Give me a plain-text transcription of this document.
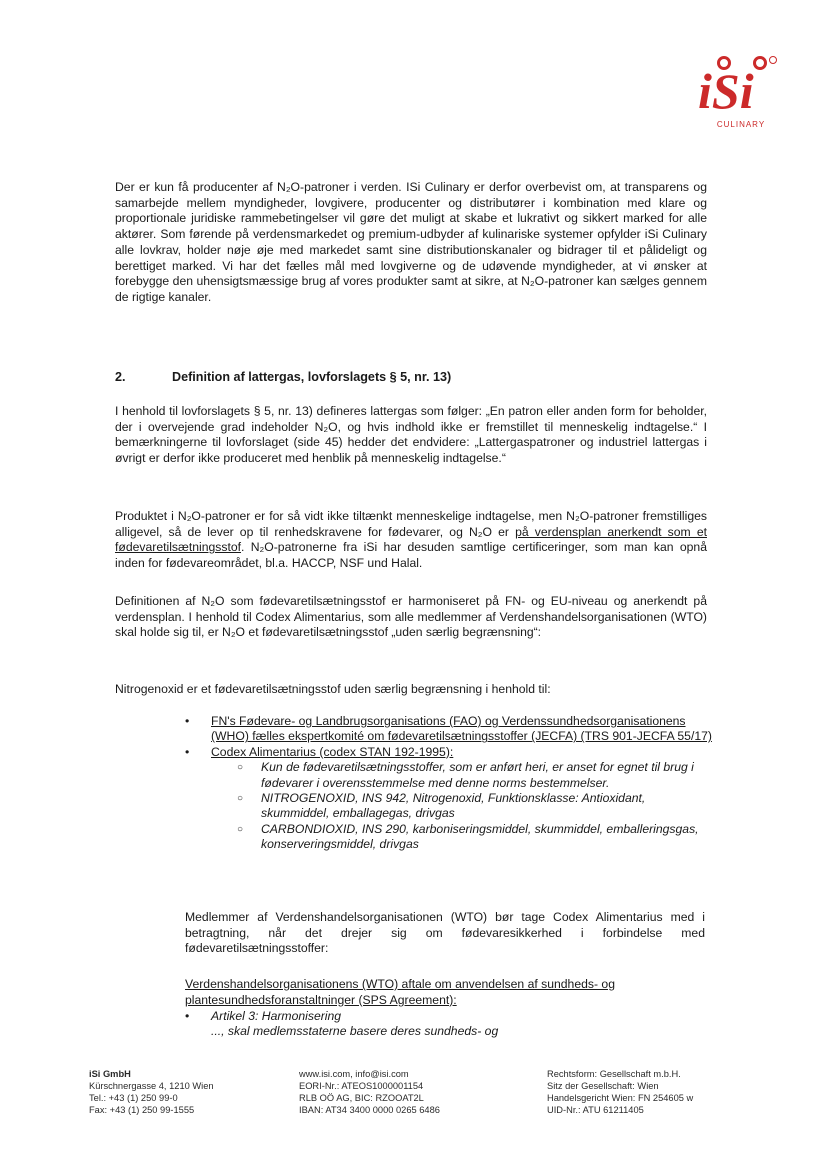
iSi
CULINARY

Der er kun få producenter af N₂O-patroner i verden. ISi Culinary er derfor overbevist om, at transparens og samarbejde mellem myndigheder, lovgivere, producenter og distributører i kombination med klare og proportionale juridiske rammebetingelser vil gøre det muligt at skabe et lukrativt og sikkert marked for alle aktører. Som førende på verdensmarkedet og premium-udbyder af kulinariske systemer opfylder iSi Culinary alle lovkrav, holder nøje øje med markedet samt sine distributionskanaler og bidrager til et pålideligt og berettiget marked. Vi har det fælles mål med lovgiverne og de udøvende myndigheder, at vi ønsker at forebygge den uhensigtsmæssige brug af vores produkter samt at sikre, at N₂O-patroner kan sælges gennem de rigtige kanaler.

2.	Definition af lattergas, lovforslagets § 5, nr. 13)

I henhold til lovforslagets § 5, nr. 13) defineres lattergas som følger: „En patron eller anden form for beholder, der i overvejende grad indeholder N₂O, og hvis indhold ikke er fremstillet til menneskelig indtagelse.“ I bemærkningerne til lovforslaget (side 45) hedder det endvidere: „Lattergaspatroner og industriel lattergas i øvrigt er derfor ikke produceret med henblik på menneskelig indtagelse.“

Produktet i N₂O-patroner er for så vidt ikke tiltænkt menneskelige indtagelse, men N₂O-patroner fremstilliges alligevel, så de lever op til renhedskravene for fødevarer, og N₂O er på verdensplan anerkendt som et fødevaretilsætningsstof. N₂O-patronerne fra iSi har desuden samtlige certificeringer, som man kan opnå inden for fødevareområdet, bl.a. HACCP, NSF und Halal.

Definitionen af N₂O som fødevaretilsætningsstof er harmoniseret på FN- og EU-niveau og anerkendt på verdensplan. I henhold til Codex Alimentarius, som alle medlemmer af Verdenshandelsorganisationen (WTO) skal holde sig til, er N₂O et fødevaretilsætningsstof „uden særlig begrænsning“:

Nitrogenoxid er et fødevaretilsætningsstof uden særlig begrænsning i henhold til:

• FN's Fødevare- og Landbrugsorganisations (FAO) og Verdenssundhedsorganisationens (WHO) fælles ekspertkomité om fødevaretilsætningsstoffer (JECFA) (TRS 901-JECFA 55/17)
• Codex Alimentarius (codex STAN 192-1995):
○ Kun de fødevaretilsætningsstoffer, som er anført heri, er anset for egnet til brug i fødevarer i overensstemmelse med denne norms bestemmelser.
○ NITROGENOXID, INS 942, Nitrogenoxid, Funktionsklasse: Antioxidant, skummiddel, emballagegas, drivgas
○ CARBONDIOXID, INS 290, karboniseringsmiddel, skummiddel, emballeringsgas, konserveringsmiddel, drivgas

Medlemmer af Verdenshandelsorganisationen (WTO) bør tage Codex Alimentarius med i betragtning, når det drejer sig om fødevaresikkerhed i forbindelse med fødevaretilsætningsstoffer:

Verdenshandelsorganisationens (WTO) aftale om anvendelsen af sundheds- og plantesundhedsforanstaltninger (SPS Agreement):

• Artikel 3: Harmonisering
..., skal medlemsstaterne basere deres sundheds- og
iSi GmbH
Kürschnergasse 4, 1210 Wien
Tel.: +43 (1) 250 99-0
Fax: +43 (1) 250 99-1555
www.isi.com, info@isi.com
EORI-Nr.: ATEOS1000001154
RLB OÖ AG, BIC: RZOOAT2L
IBAN: AT34 3400 0000 0265 6486
Rechtsform: Gesellschaft m.b.H.
Sitz der Gesellschaft: Wien
Handelsgericht Wien: FN 254605 w
UID-Nr.: ATU 61211405
